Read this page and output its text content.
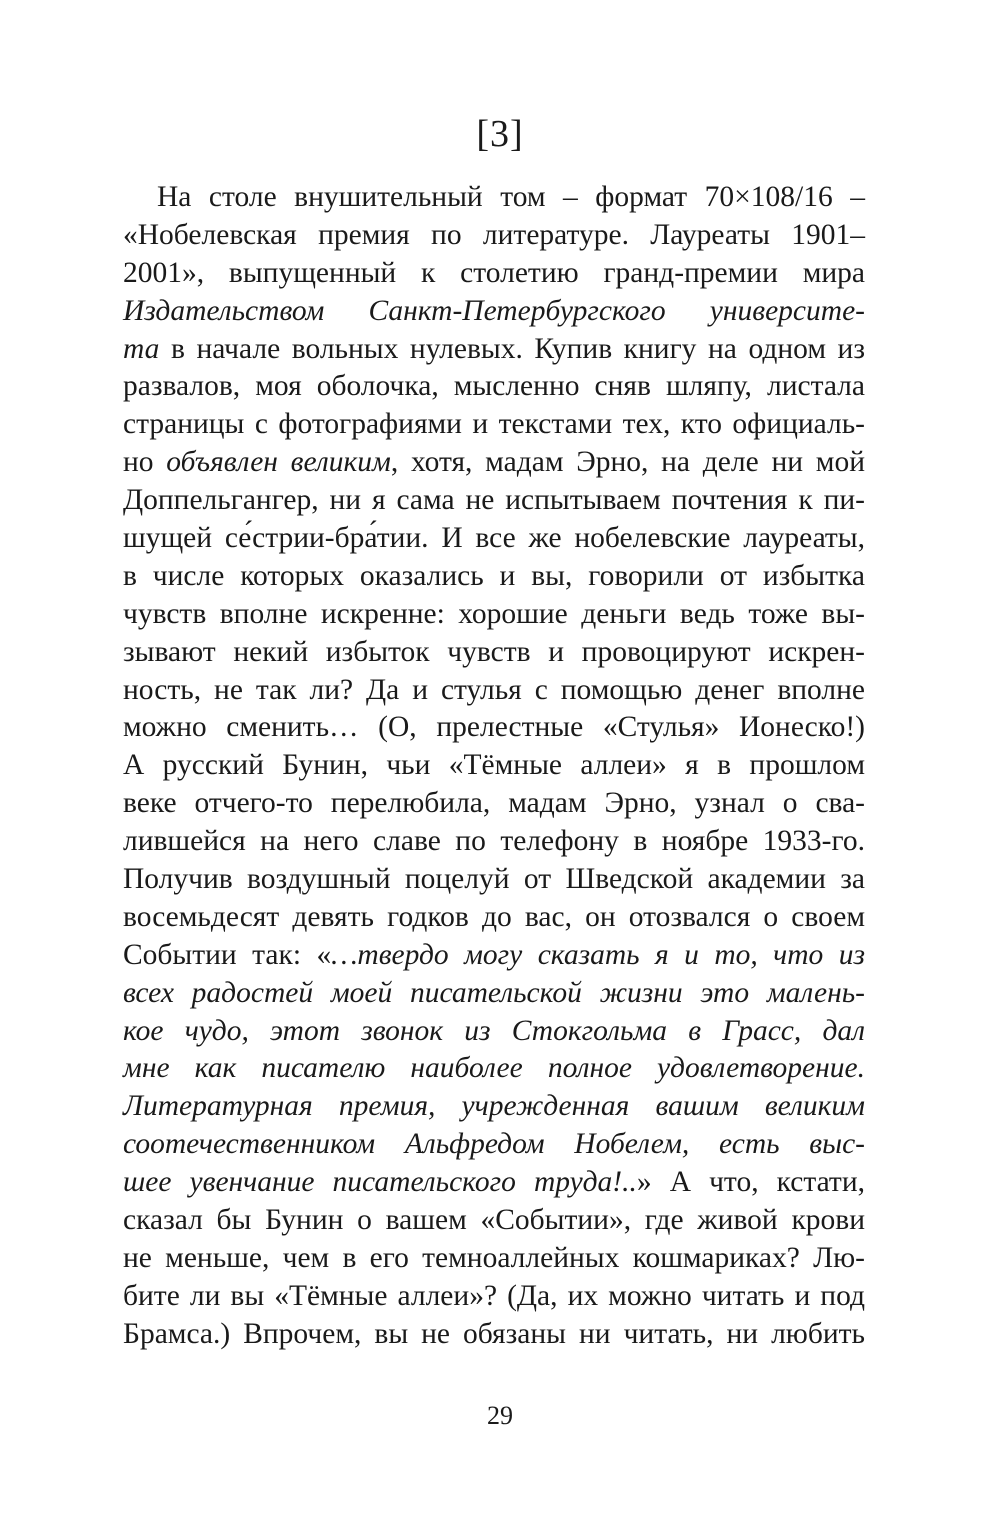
[3]
На столе внушительный том – формат 70×108/16 –
«Нобелевская премия по литературе. Лауреаты 1901–
2001», выпущенный к столетию гранд-премии мира
Издательством Санкт-Петербургского университе-
та в начале вольных нулевых. Купив книгу на одном из
развалов, моя оболочка, мысленно сняв шляпу, листала
страницы с фотографиями и текстами тех, кто официаль-
но объявлен великим, хотя, мадам Эрно, на деле ни мой
Доппельгангер, ни я сама не испытываем почтения к пи-
шущей се́стрии-бра́тии. И все же нобелевские лауреаты,
в числе которых оказались и вы, говорили от избытка
чувств вполне искренне: хорошие деньги ведь тоже вы-
зывают некий избыток чувств и провоцируют искрен-
ность, не так ли? Да и стулья с помощью денег вполне
можно сменить… (О, прелестные «Стулья» Ионеско!)
А русский Бунин, чьи «Тёмные аллеи» я в прошлом
веке отчего-то перелюбила, мадам Эрно, узнал о сва-
лившейся на него славе по телефону в ноябре 1933-го.
Получив воздушный поцелуй от Шведской академии за
восемьдесят девять годков до вас, он отозвался о своем
Событии так: «…твердо могу сказать я и то, что из
всех радостей моей писательской жизни это малень-
кое чудо, этот звонок из Стокгольма в Грасс, дал
мне как писателю наиболее полное удовлетворение.
Литературная премия, учрежденная вашим великим
соотечественником Альфредом Нобелем, есть выс-
шее увенчание писательского труда!..» А что, кстати,
сказал бы Бунин о вашем «Событии», где живой крови
не меньше, чем в его темноаллейных кошмариках? Лю-
бите ли вы «Тёмные аллеи»? (Да, их можно читать и под
Брамса.) Впрочем, вы не обязаны ни читать, ни любить
29
